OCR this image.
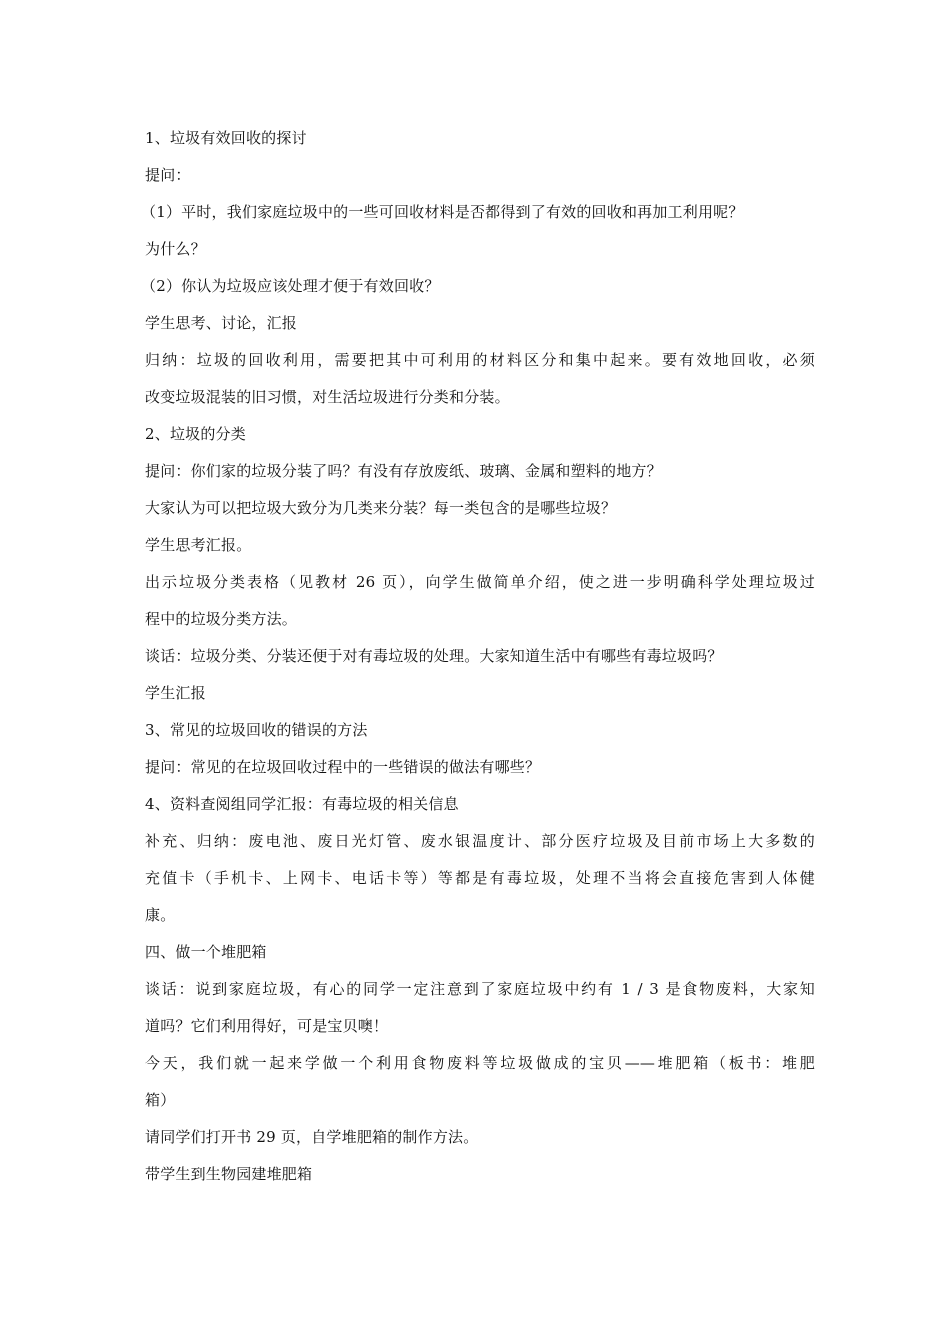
1、垃圾有效回收的探讨
提问：
（1）平时，我们家庭垃圾中的一些可回收材料是否都得到了有效的回收和再加工利用呢？
为什么？
（2）你认为垃圾应该处理才便于有效回收？
学生思考、讨论，汇报
归纳：垃圾的回收利用，需要把其中可利用的材料区分和集中起来。要有效地回收，必须
改变垃圾混装的旧习惯，对生活垃圾进行分类和分装。
2、垃圾的分类
提问：你们家的垃圾分装了吗？有没有存放废纸、玻璃、金属和塑料的地方？
大家认为可以把垃圾大致分为几类来分装？每一类包含的是哪些垃圾？
学生思考汇报。
出示垃圾分类表格（见教材 26 页），向学生做简单介绍，使之进一步明确科学处理垃圾过
程中的垃圾分类方法。
谈话：垃圾分类、分装还便于对有毒垃圾的处理。大家知道生活中有哪些有毒垃圾吗？
学生汇报
3、常见的垃圾回收的错误的方法
提问：常见的在垃圾回收过程中的一些错误的做法有哪些？
4、资料查阅组同学汇报：有毒垃圾的相关信息
补充、归纳：废电池、废日光灯管、废水银温度计、部分医疗垃圾及目前市场上大多数的
充值卡（手机卡、上网卡、电话卡等）等都是有毒垃圾，处理不当将会直接危害到人体健
康。
四、做一个堆肥箱
谈话：说到家庭垃圾，有心的同学一定注意到了家庭垃圾中约有 1 / 3 是食物废料，大家知
道吗？它们利用得好，可是宝贝噢！
今天，我们就一起来学做一个利用食物废料等垃圾做成的宝贝——堆肥箱（板书：堆肥
箱）
请同学们打开书 29 页，自学堆肥箱的制作方法。
带学生到生物园建堆肥箱
